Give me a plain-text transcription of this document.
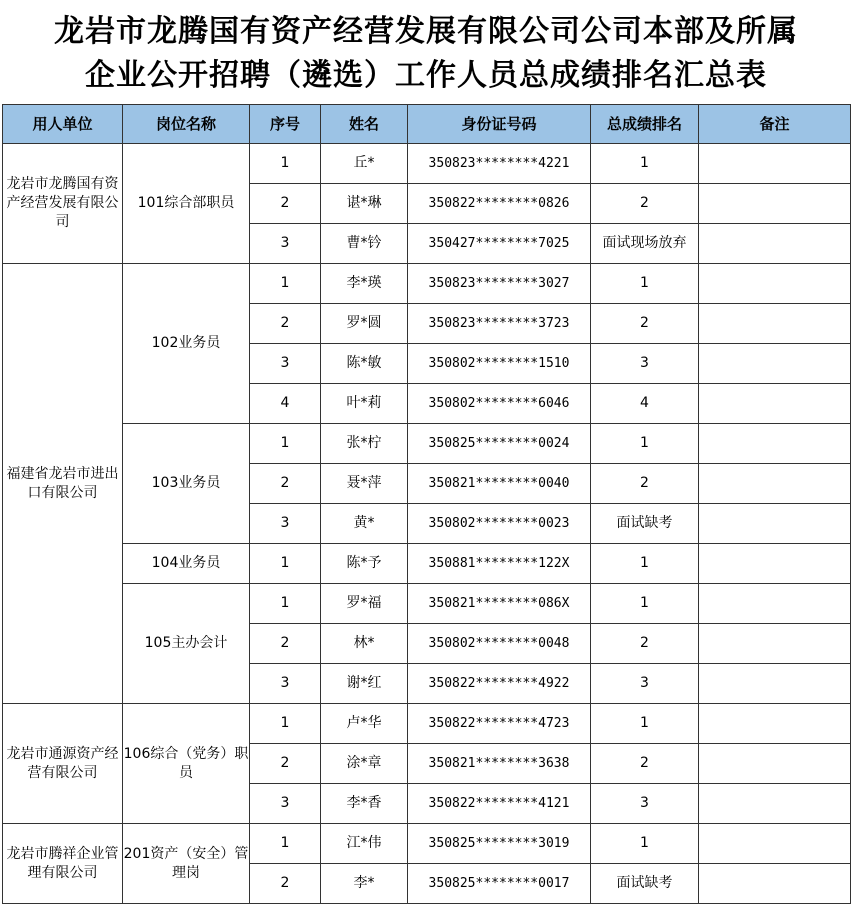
龙岩市龙腾国有资产经营发展有限公司公司本部及所属
企业公开招聘（遴选）工作人员总成绩排名汇总表
用人单位	岗位名称	序号	姓名	身份证号码	总成绩排名	备注
龙岩市龙腾国有资产经营发展有限公司	101综合部职员	1	丘*	350823********4221	1	
		2	谌*琳	350822********0826	2	
		3	曹*钤	350427********7025	面试现场放弃	
福建省龙岩市进出口有限公司	102业务员	1	李*瑛	350823********3027	1	
		2	罗*圆	350823********3723	2	
		3	陈*敏	350802********1510	3	
		4	叶*莉	350802********6046	4	
	103业务员	1	张*柠	350825********0024	1	
		2	聂*萍	350821********0040	2	
		3	黄*	350802********0023	面试缺考	
	104业务员	1	陈*予	350881********122X	1	
	105主办会计	1	罗*福	350821********086X	1	
		2	林*	350802********0048	2	
		3	谢*红	350822********4922	3	
龙岩市通源资产经营有限公司	106综合（党务）职员	1	卢*华	350822********4723	1	
		2	涂*章	350821********3638	2	
		3	李*香	350822********4121	3	
龙岩市腾祥企业管理有限公司	201资产（安全）管理岗	1	江*伟	350825********3019	1	
		2	李*	350825********0017	面试缺考	
